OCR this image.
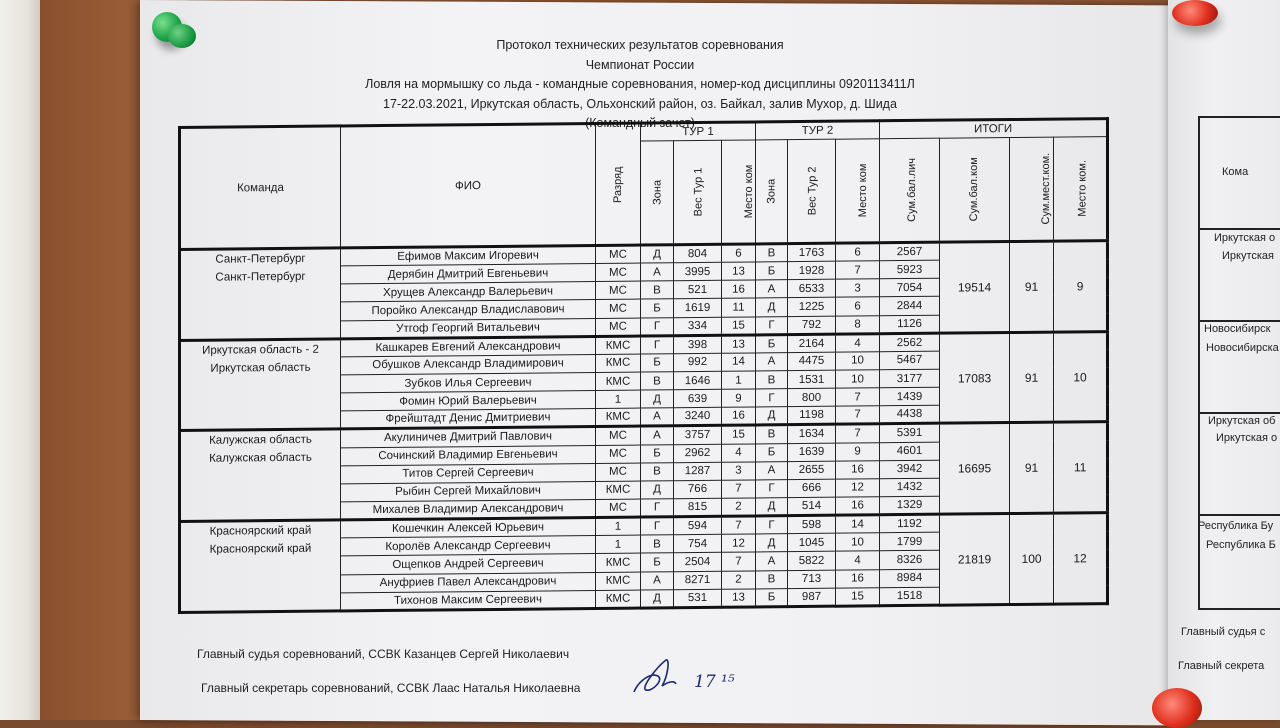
Кома
Иркутская о
Иркутская
Новосибирск
Новосибирска
Иркутская об
Иркутская о
Республика Бу
Республика Б
Главный судья с
Главный секрета
Протокол технических результатов соревнования
Чемпионат России
Ловля на мормышку со льда - командные соревнования, номер-код дисциплины 0920113411Л
17-22.03.2021, Иркутская область, Ольхонский район, оз. Байкал, залив Мухор, д. Шида
(Командный зачет)
Команда	ФИО	Разряд	ТУР 1			ТУР 2			ИТОГИ			
			Зона	Вес Тур 1	Место ком	Зона	Вес Тур 2	Место ком	Сум.бал.лич	Сум.бал.ком	Сум.мест.ком.	Место ком.

Санкт-Петербург
Санкт-Петербург	Ефимов Максим Игоревич	МС	Д	804	6	В	1763	6	2567	19514	91	9
	Дерябин Дмитрий Евгеньевич	МС	А	3995	13	Б	1928	7	5923			
	Хрущев Александр Валерьевич	МС	В	521	16	А	6533	3	7054			
	Поройко Александр Владиславович	МС	Б	1619	11	Д	1225	6	2844			
	Утгоф Георгий Витальевич	МС	Г	334	15	Г	792	8	1126			

Иркутская область - 2
Иркутская область	Кашкарев Евгений Александрович	КМС	Г	398	13	Б	2164	4	2562	17083	91	10
	Обушков Александр Владимирович	КМС	Б	992	14	А	4475	10	5467			
	Зубков Илья Сергеевич	КМС	В	1646	1	В	1531	10	3177			
	Фомин Юрий Валерьевич	1	Д	639	9	Г	800	7	1439			
	Фрейштадт Денис Дмитриевич	КМС	А	3240	16	Д	1198	7	4438			

Калужская область
Калужская область	Акулиничев Дмитрий Павлович	МС	А	3757	15	В	1634	7	5391	16695	91	11
	Сочинский Владимир Евгеньевич	МС	Б	2962	4	Б	1639	9	4601			
	Титов Сергей Сергеевич	МС	В	1287	3	А	2655	16	3942			
	Рыбин Сергей Михайлович	КМС	Д	766	7	Г	666	12	1432			
	Михалев Владимир Александрович	МС	Г	815	2	Д	514	16	1329			

Красноярский край
Красноярский край	Кошечкин Алексей Юрьевич	1	Г	594	7	Г	598	14	1192	21819	100	12
	Королёв Александр Сергеевич	1	В	754	12	Д	1045	10	1799			
	Ощепков Андрей Сергеевич	КМС	Б	2504	7	А	5822	4	8326			
	Ануфриев Павел Александрович	КМС	А	8271	2	В	713	16	8984			
	Тихонов Максим Сергеевич	КМС	Д	531	13	Б	987	15	1518			
Главный судья соревнований, ССВК Казанцев Сергей Николаевич
Главный секретарь соревнований, ССВК Лаас Наталья Николаевна	17 ¹⁵
